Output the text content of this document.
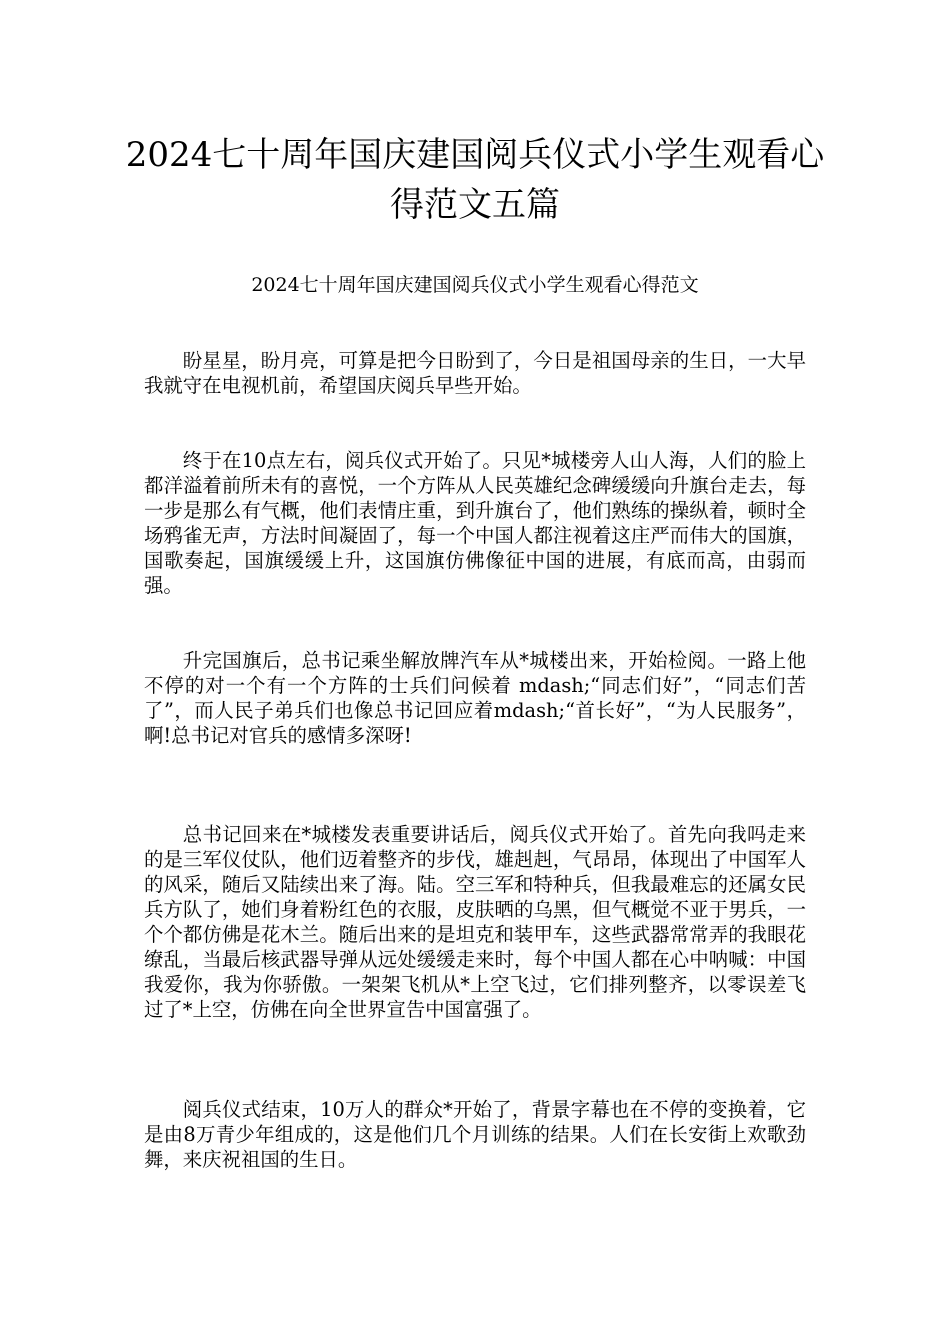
2024七十周年国庆建国阅兵仪式小学生观看心得范文五篇
2024七十周年国庆建国阅兵仪式小学生观看心得范文

盼星星，盼月亮，可算是把今日盼到了，今日是祖国母亲的生日，一大早我就守在电视机前，希望国庆阅兵早些开始。

终于在10点左右，阅兵仪式开始了。只见*城楼旁人山人海，人们的脸上都洋溢着前所未有的喜悦，一个方阵从人民英雄纪念碑缓缓向升旗台走去，每一步是那么有气概，他们表情庄重，到升旗台了，他们熟练的操纵着，顿时全场鸦雀无声，方法时间凝固了，每一个中国人都注视着这庄严而伟大的国旗，国歌奏起，国旗缓缓上升，这国旗仿佛像征中国的进展，有底而高，由弱而强。

升完国旗后，总书记乘坐解放牌汽车从*城楼出来，开始检阅。一路上他不停的对一个有一个方阵的士兵们问候着 mdash;“同志们好”，“同志们苦了”，而人民子弟兵们也像总书记回应着mdash;“首长好”，“为人民服务”，啊!总书记对官兵的感情多深呀!

总书记回来在*城楼发表重要讲话后，阅兵仪式开始了。首先向我吗走来的是三军仪仗队，他们迈着整齐的步伐，雄赳赳，气昂昂，体现出了中国军人的风采，随后又陆续出来了海。陆。空三军和特种兵，但我最难忘的还属女民兵方队了，她们身着粉红色的衣服，皮肤晒的乌黑，但气概觉不亚于男兵，一个个都仿佛是花木兰。随后出来的是坦克和装甲车，这些武器常常弄的我眼花缭乱，当最后核武器导弹从远处缓缓走来时，每个中国人都在心中呐喊：中国我爱你，我为你骄傲。一架架飞机从*上空飞过，它们排列整齐，以零误差飞过了*上空，仿佛在向全世界宣告中国富强了。

阅兵仪式结束，10万人的群众*开始了，背景字幕也在不停的变换着，它是由8万青少年组成的，这是他们几个月训练的结果。人们在长安街上欢歌劲舞，来庆祝祖国的生日。
